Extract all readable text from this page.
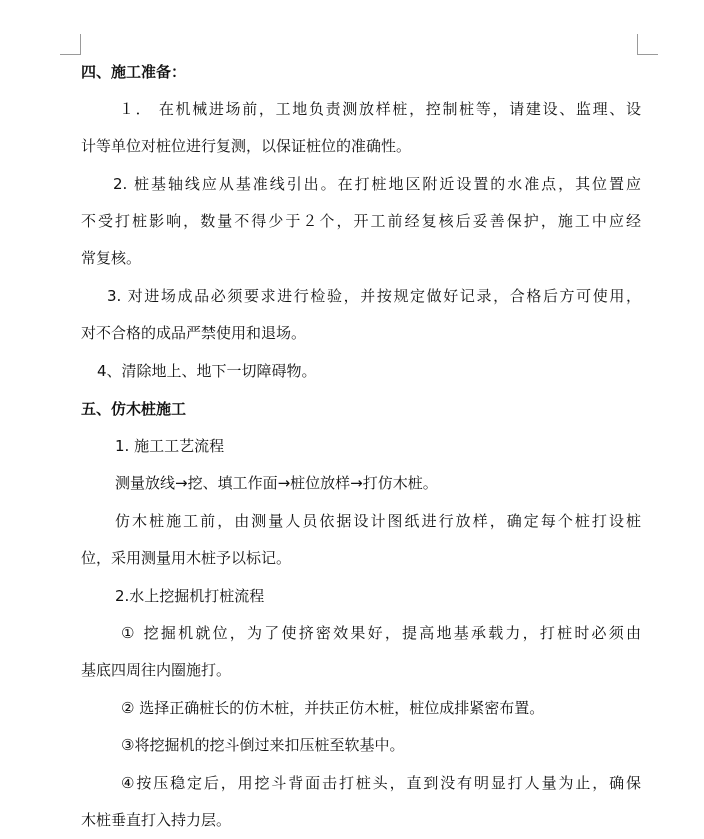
四、施工准备：
１． 在机械进场前，工地负责测放样桩，控制桩等，请建设、监理、设
计等单位对桩位进行复测，以保证桩位的准确性。
2. 桩基轴线应从基准线引出。在打桩地区附近设置的水准点，其位置应
不受打桩影响，数量不得少于２个，开工前经复核后妥善保护，施工中应经
常复核。
3. 对进场成品必须要求进行检验，并按规定做好记录，合格后方可使用，
对不合格的成品严禁使用和退场。
4、清除地上、地下一切障碍物。
五、仿木桩施工
1. 施工工艺流程
测量放线→挖、填工作面→桩位放样→打仿木桩。
仿木桩施工前，由测量人员依据设计图纸进行放样，确定每个桩打设桩
位，采用测量用木桩予以标记。
2.水上挖掘机打桩流程
① 挖掘机就位，为了使挤密效果好，提高地基承载力，打桩时必须由
基底四周往内圈施打。
② 选择正确桩长的仿木桩，并扶正仿木桩，桩位成排紧密布置。
③将挖掘机的挖斗倒过来扣压桩至软基中。
④按压稳定后，用挖斗背面击打桩头，直到没有明显打人量为止，确保
木桩垂直打入持力层。
